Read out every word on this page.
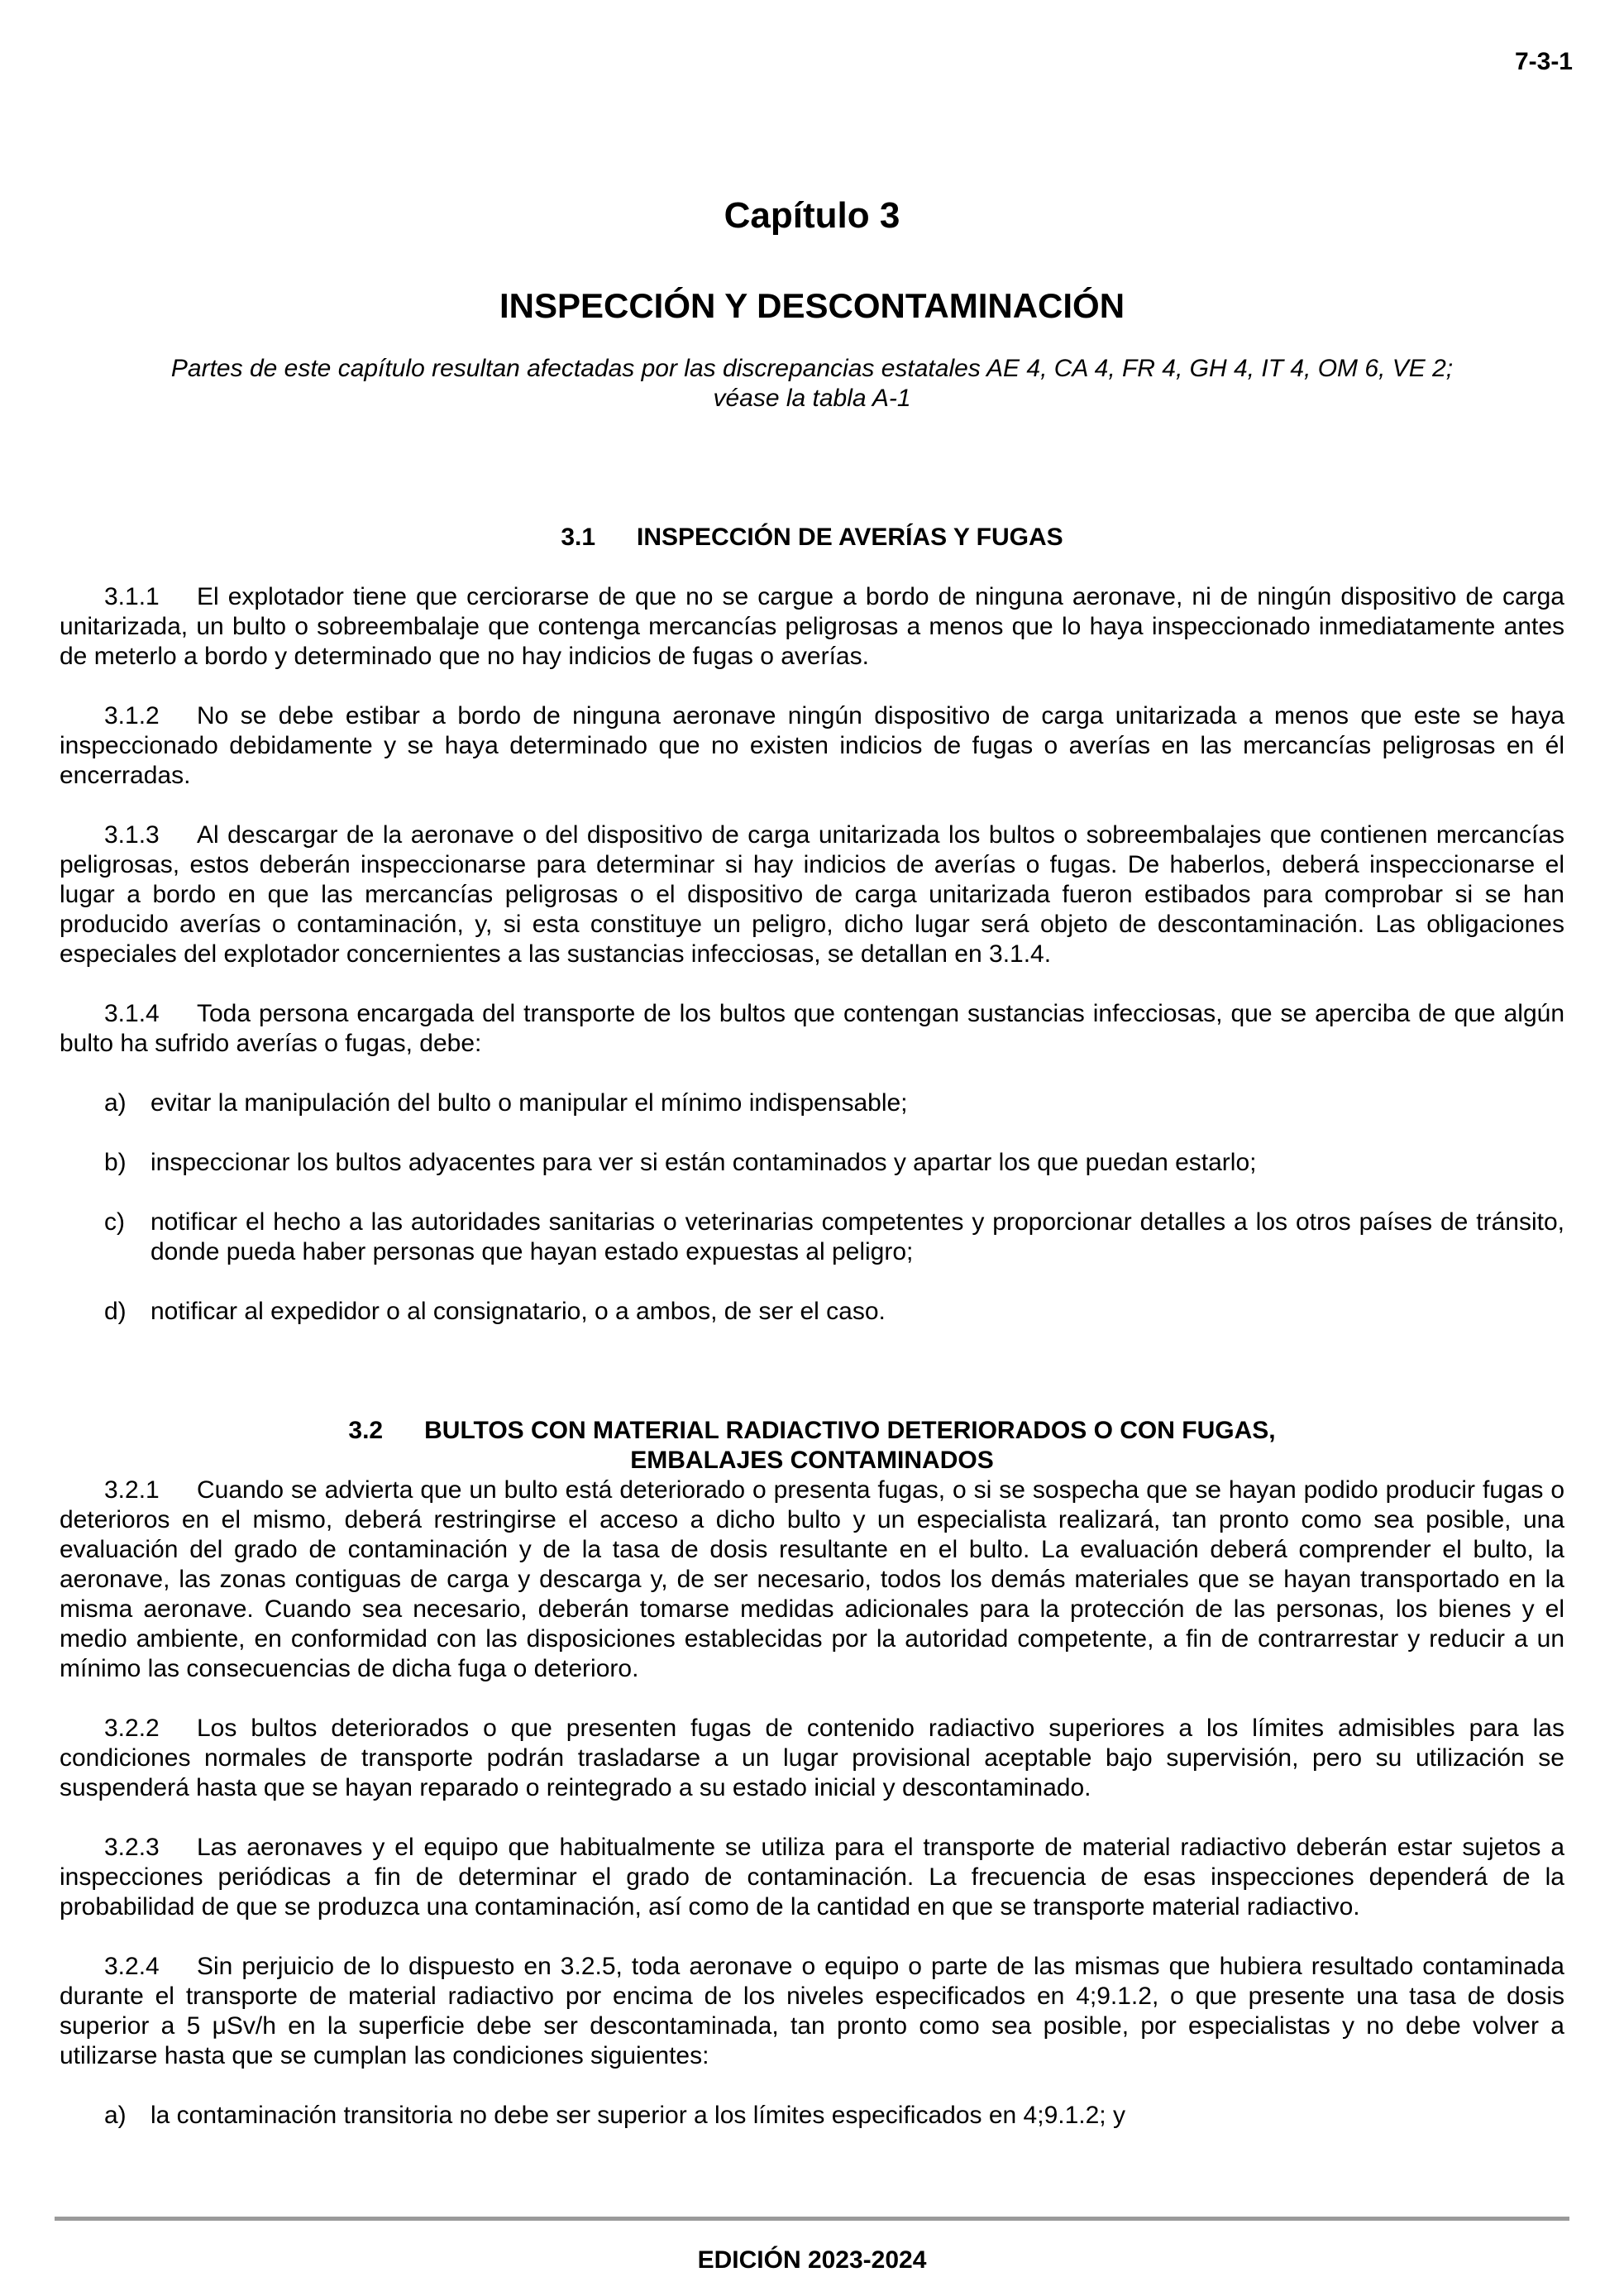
7-3-1
Capítulo 3
INSPECCIÓN Y DESCONTAMINACIÓN
Partes de este capítulo resultan afectadas por las discrepancias estatales AE 4, CA 4, FR 4, GH 4, IT 4, OM 6, VE 2;
véase la tabla A-1
3.1 INSPECCIÓN DE AVERÍAS Y FUGAS
3.1.1 El explotador tiene que cerciorarse de que no se cargue a bordo de ninguna aeronave, ni de ningún dispositivo de carga unitarizada, un bulto o sobreembalaje que contenga mercancías peligrosas a menos que lo haya inspeccionado inmediatamente antes de meterlo a bordo y determinado que no hay indicios de fugas o averías.
3.1.2 No se debe estibar a bordo de ninguna aeronave ningún dispositivo de carga unitarizada a menos que este se haya inspeccionado debidamente y se haya determinado que no existen indicios de fugas o averías en las mercancías peligrosas en él encerradas.
3.1.3 Al descargar de la aeronave o del dispositivo de carga unitarizada los bultos o sobreembalajes que contienen mercancías peligrosas, estos deberán inspeccionarse para determinar si hay indicios de averías o fugas. De haberlos, deberá inspeccionarse el lugar a bordo en que las mercancías peligrosas o el dispositivo de carga unitarizada fueron estibados para comprobar si se han producido averías o contaminación, y, si esta constituye un peligro, dicho lugar será objeto de descontaminación. Las obligaciones especiales del explotador concernientes a las sustancias infecciosas, se detallan en 3.1.4.
3.1.4 Toda persona encargada del transporte de los bultos que contengan sustancias infecciosas, que se aperciba de que algún bulto ha sufrido averías o fugas, debe:
a) evitar la manipulación del bulto o manipular el mínimo indispensable;
b) inspeccionar los bultos adyacentes para ver si están contaminados y apartar los que puedan estarlo;
c)	notificar el hecho a las autoridades sanitarias o veterinarias competentes y proporcionar detalles a los otros países de tránsito, donde pueda haber personas que hayan estado expuestas al peligro;
d) notificar al expedidor o al consignatario, o a ambos, de ser el caso.
3.2 BULTOS CON MATERIAL RADIACTIVO DETERIORADOS O CON FUGAS,
EMBALAJES CONTAMINADOS
3.2.1 Cuando se advierta que un bulto está deteriorado o presenta fugas, o si se sospecha que se hayan podido producir fugas o deterioros en el mismo, deberá restringirse el acceso a dicho bulto y un especialista realizará, tan pronto como sea posible, una evaluación del grado de contaminación y de la tasa de dosis resultante en el bulto. La evaluación deberá comprender el bulto, la aeronave, las zonas contiguas de carga y descarga y, de ser necesario, todos los demás materiales que se hayan transportado en la misma aeronave. Cuando sea necesario, deberán tomarse medidas adicionales para la protección de las personas, los bienes y el medio ambiente, en conformidad con las disposiciones establecidas por la autoridad competente, a fin de contrarrestar y reducir a un mínimo las consecuencias de dicha fuga o deterioro.
3.2.2 Los bultos deteriorados o que presenten fugas de contenido radiactivo superiores a los límites admisibles para las condiciones normales de transporte podrán trasladarse a un lugar provisional aceptable bajo supervisión, pero su utilización se suspenderá hasta que se hayan reparado o reintegrado a su estado inicial y descontaminado.
3.2.3 Las aeronaves y el equipo que habitualmente se utiliza para el transporte de material radiactivo deberán estar sujetos a inspecciones periódicas a fin de determinar el grado de contaminación. La frecuencia de esas inspecciones dependerá de la probabilidad de que se produzca una contaminación, así como de la cantidad en que se transporte material radiactivo.
3.2.4 Sin perjuicio de lo dispuesto en 3.2.5, toda aeronave o equipo o parte de las mismas que hubiera resultado contaminada durante el transporte de material radiactivo por encima de los niveles especificados en 4;9.1.2, o que presente una tasa de dosis superior a 5 μSv/h en la superficie debe ser descontaminada, tan pronto como sea posible, por especialistas y no debe volver a utilizarse hasta que se cumplan las condiciones siguientes:
a) la contaminación transitoria no debe ser superior a los límites especificados en 4;9.1.2; y
EDICIÓN 2023-2024
